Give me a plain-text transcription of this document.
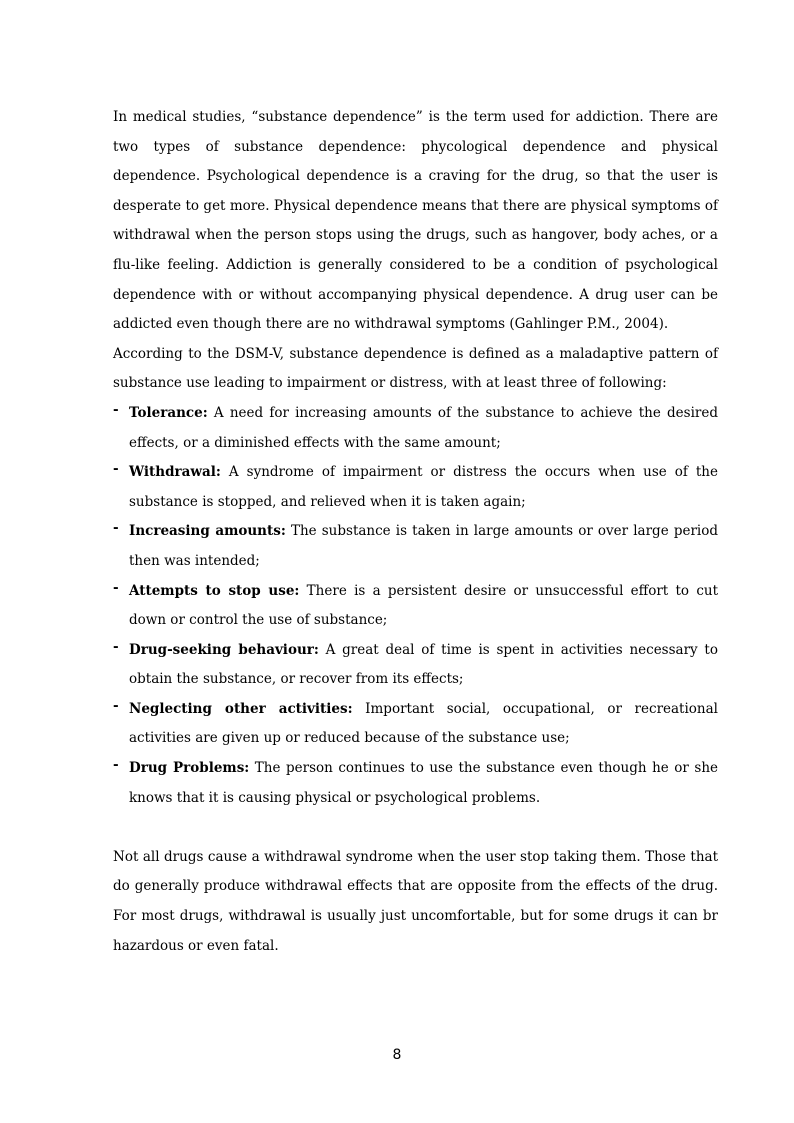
In medical studies, “substance dependence” is the term used for addiction. There are two types of substance dependence: phycological dependence and physical dependence. Psychological dependence is a craving for the drug, so that the user is desperate to get more. Physical dependence means that there are physical symptoms of withdrawal when the person stops using the drugs, such as hangover, body aches, or a flu-like feeling. Addiction is generally considered to be a condition of psychological dependence with or without accompanying physical dependence. A drug user can be addicted even though there are no withdrawal symptoms (Gahlinger P.M., 2004).

According to the DSM-V, substance dependence is defined as a maladaptive pattern of substance use leading to impairment or distress, with at least three of following:

- Tolerance: A need for increasing amounts of the substance to achieve the desired effects, or a diminished effects with the same amount;
- Withdrawal: A syndrome of impairment or distress the occurs when use of the substance is stopped, and relieved when it is taken again;
- Increasing amounts: The substance is taken in large amounts or over large period then was intended;
- Attempts to stop use: There is a persistent desire or unsuccessful effort to cut down or control the use of substance;
- Drug-seeking behaviour: A great deal of time is spent in activities necessary to obtain the substance, or recover from its effects;
- Neglecting other activities: Important social, occupational, or recreational activities are given up or reduced because of the substance use;
- Drug Problems: The person continues to use the substance even though he or she knows that it is causing physical or psychological problems.

Not all drugs cause a withdrawal syndrome when the user stop taking them. Those that do generally produce withdrawal effects that are opposite from the effects of the drug. For most drugs, withdrawal is usually just uncomfortable, but for some drugs it can br hazardous or even fatal.

8
